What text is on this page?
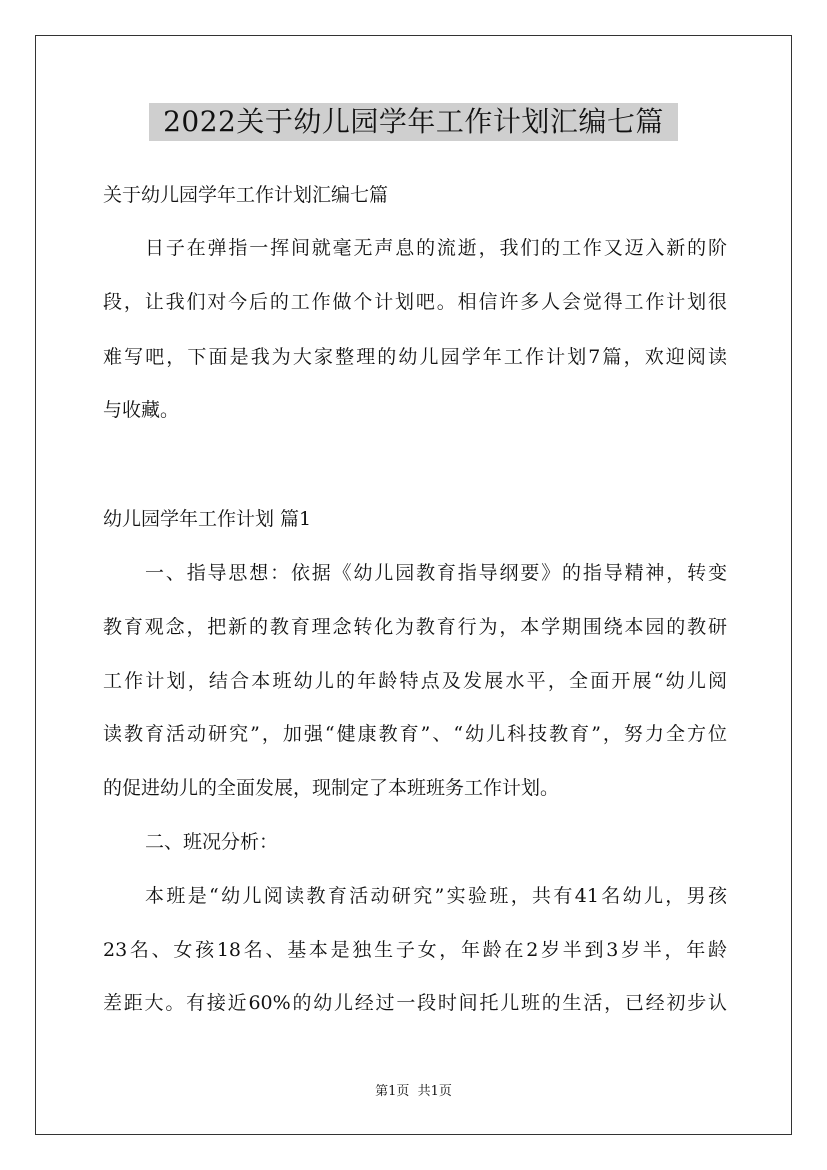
2022关于幼儿园学年工作计划汇编七篇
关于幼儿园学年工作计划汇编七篇
日子在弹指一挥间就毫无声息的流逝，我们的工作又迈入新的阶
段，让我们对今后的工作做个计划吧。相信许多人会觉得工作计划很
难写吧，下面是我为大家整理的幼儿园学年工作计划7篇，欢迎阅读
与收藏。
幼儿园学年工作计划 篇1
一、指导思想：依据《幼儿园教育指导纲要》的指导精神，转变
教育观念，把新的教育理念转化为教育行为，本学期围绕本园的教研
工作计划，结合本班幼儿的年龄特点及发展水平，全面开展“幼儿阅
读教育活动研究”，加强“健康教育”、“幼儿科技教育”，努力全方位
的促进幼儿的全面发展，现制定了本班班务工作计划。
二、班况分析：
本班是“幼儿阅读教育活动研究”实验班，共有41名幼儿，男孩
23名、女孩18名、基本是独生子女，年龄在2岁半到3岁半，年龄
差距大。有接近60%的幼儿经过一段时间托儿班的生活，已经初步认
第1页  共1页
